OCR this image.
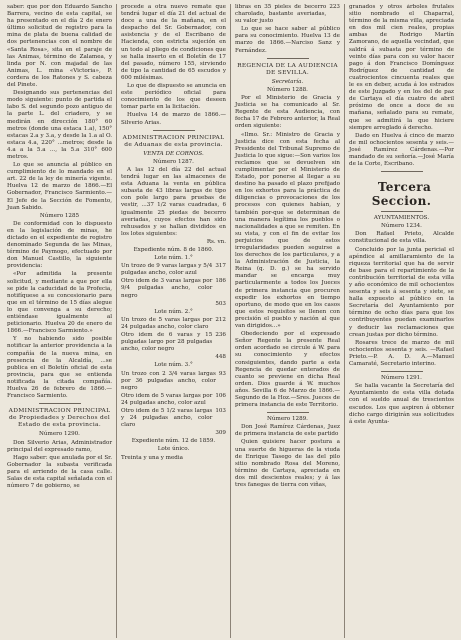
saber: que por don Eduardo Sancho Barrera, vecino de esta capital, se ha presentado en el día 2 de enero último solicitud de registro para la mina de plata de buena calidad de dos pertenencias con el nombre de «Santa Rosa», sita en el paraje de las Animas, término de Zalamea, y linda por N. con majadal de las Animas, L. mina «Victoria», P. cordera de los Ratones y S. cabeza del Pinete.

Designando sus pertenencias del modo siguiente: punto de partida el labo S. del segundo pozo antiguo de la parte L. del criadero, y se medirán en dirección 180° 60 metros (donde una estaca 1.a), 150° estacas 2.a y 3.a, y desde la 1.a al O. estaca 4.a, 220° ...metros; desde la 4.a a la 5.a ..., la 5.a 310° 600 metros.

Lo que se anuncia al público en cumplimiento de lo mandado en el art. 22 de la ley de minería vigente. Huelva 12 de marzo de 1866.—El Gobernador, Francisco Sarmiento.—El Jefe de la Sección de Fomento, Juan Sabido.

Número 1285

De conformidad con lo dispuesto en la legislación de minas, he dictado en el expediente de registro denominado Segunda de las Minas, término de Paymogo, efectuado por don Manuel Castillo, la siguiente providencia:

«Por admitida la presente solicitud, y mediante a que por ella se pide la caducidad de la Profecia, notifíquese a su concesionario para que en el término de 15 días alegue lo que convenga a su derecho; entiéndase igualmente al peticionario. Huelva 20 de enero de 1866.—Francisco Sarmiento.»

Y no habiendo sido posible notificar la anterior providencia a la compañía de la nueva mina, en presencia de la Alcaldía, ...se publica en el Boletín oficial de esta provincia, para que se entienda notificada la citada compañía. Huelva 26 de febrero de 1866.—Francisco Sarmiento.

ADMINISTRACION PRINCIPAL de Propiedades y Derechos del Estado de esta provincia.

Número 1290.

Don Silverio Arias, Administrador principal del expresado ramo,

Hago saber: que anulada por el Sr. Gobernador la subasta verificada para el arriendo de la casa calle. Salas de esta capital señalada con el número 7 de gobierno, se

procede a otra nuevo remate que tendrá lugar el día 21 del actual de doce a una de la mañana, en el despacho del Sr. Gobernador, con asistencia y de el Escribano de Hacienda, con estricta sujeción en un todo al pliego de condiciones que se halla inserto en el Boletín de 17 del pasado, número 155, sirviendo de tipo la cantidad de 65 escudos y 600 milésimas.

Lo que de dispuesto se anuncia en este periódico oficial para conocimiento de los que deseen tomar parte en la licitación.

Huelva 14 de marzo de 1866.—Silverio Arias.

ADMINISTRACION PRINCIPAL de Aduanas de esta provincia.

VENTA DE CORNOS.

Número 1287.

A las 12 del día 22 del actual tendrá lugar en las almacenes de esta Aduana la venta en pública subasta de 43 libras largas de tipo con pole largo para pruebas de vestir, ...37 1/2 varas cuadradas, 6 igualmente 25 piedas de becerro averiadas, cuyos efectos han sido rehusados y se hallan divididos en los lotes siguientes:

Rs. vn.

Expediente núm. 8 de 1860.

Lote núm. 1.°

Un trozo de 9 varas largas y 5/4 pulgadas ancho, color azul
317

Otro idem de 3 varas largas por 9/4 pulgadas ancho, color negro
186

503

Lote núm. 2.°

Un trozo de 5 varas largas por 24 pulgadas ancho, color claro
212

Otro idem de 6 varas y 15 pulgadas largo por 28 pulgadas ancho, color negro
236

448

Lote núm. 3.°

Un trozo con 2 3/4 varas largas por 36 pulgadas ancho, color negro
93

Otro idem de 5 varas largas por 24 pulgadas ancho, color azul
106

Otro idem de 5 1/2 varas largas y 24 pulgadas ancho, color claro
103

309

Expediente núm. 12 de 1859.

Lote único.

Treinta y una y media

libras en 35 pieles de becerro charolado, bastante averiadas, su valor justo
223

Lo que se hace saber al público para su conocimiento. Huelva 13 de marzo de 1866.—Narciso Sanz y Fernández.

REGENCIA DE LA AUDIENCIA DE SEVILLA.

Secretaría.

Número 1288.

Por el Ministerio de Gracia y Justicia se ha comunicado al Sr. Regente de esta Audiencia, con fecha 17 de Febrero anterior, la Real orden siguiente:

«Ilmo. Sr.: Ministro de Gracia y Justicia dice con esta fecha al Presidente del Tribunal Supremo de Justicia lo que sigue:—Son varios los reclamos que se devuelven sin cumplimentar por el Ministerio de Estado, por ponerse al llegar a su destino ha pasado el plazo prefijado en los exhortos para la práctica de diligencias o provocaciones de los procesos con quienes habían, y también por-que se determinan de una manera legítima los pueblos o nacionalidades a que se remiten. En su vista, y con el fin de evitar los perjuicios que de estos irregularidades pueden seguirse a los derechos de los particulares, y a la Administración de Justicia, la Reina (q. D. g.) se ha servido mandar se encarga muy particularmente a todos los Jueces de primera instancia que procuren expedir los exhortos en tiempo oportuno, de modo que en los casos que estos requisitos se llenen con precisión el pueblo y nación al que van dirigidos...»

Obedeciendo por el expresado Señor Regente la presente Real orden acordado se circule á W. para su conocimiento y efectos consiguientes, dando parte a esta Regencia de quedar enterados de cuanto se previene en dicha Real orden. Dios guarde á W. muchos años. Sevilla 6 de Marzo de 1866.—Segundo de la Hoz.—Sres. Jueces de primera instancia de este Territorio.

Número 1289.

Don José Ramírez Cárdenas, Juez de primera instancia de este partido

Quien quisiere hacer postura a una suerte de higueras de la viuda de Enrique Tasego de las del pilo sitio nombrado Rosa del Moreno, término de Cartaya, apreciada en dos mil descientos reales; y á las tres fanegas de tierra con viñas,

granados y otros árboles frutales sitio nombrado el Chaparral, término de la misma villa, apreciada en dos mil cien reales, propias ambas de Rodrigo Martín Zamorano, de aquella vecindad, que saldrá á subasta por término de veinte días para con su valor hacer pago á don Francisco Domínguez Rodríguez de cantidad de cuatrocientos cincuenta reales que le es en deber, acuda á los estrados de este Juzgado y en los del de paz de Cartaya el día cuatro de abril próximo de once a doce de su mañana, señalado para su remate, que se admitirá la que hiciere siempre arreglado á derecho.

Dado en Huelva á cinco de marzo de mil ochocientos sesenta y seis.—José Ramírez Cárdenas.—Por mandado de su señoría.—José María de la Corte, Escribano.

Tercera Seccion.

AYUNTAMIENTOS.

Número 1234.

Don Rafael Prieto, Alcalde constitucional de esta villa.

Concluido por la junta pericial el apéndice al amillaramiento de la riqueza territorial que ha de servir de base para el repartimiento de la contribución territorial de esta villa y año económico de mil ochocientos sesenta y seis á sesenta y siete, se halla expuesto al público en la Secretaría del Ayuntamiento por término de ocho días para que los contribuyentes puedan examinarlos y deducir las reclamaciones que crean justas por dicho término.

Rosares trece de marzo de mil ochocientos sesenta y seis. —Rafael Prieto.—P. A. D. A.—Manuel Camaraté, Secretario interino.

Número 1291.

Se halla vacante la Secretaría del Ayuntamiento de esta villa dotada con el sueldo anual de trescientos escudos. Los que aspiren á obtener dicho cargo dirigirán sus solicitudes á este Ayunta-
